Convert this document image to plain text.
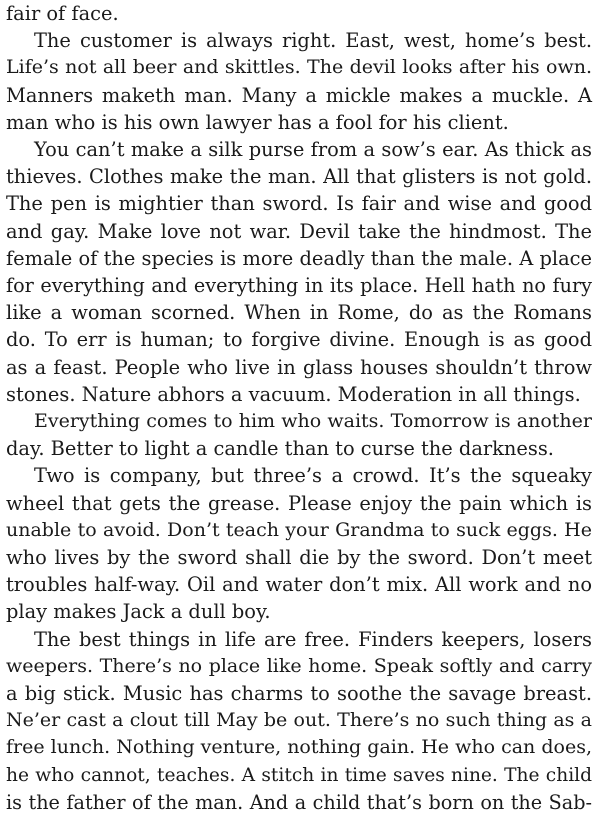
fair of face.

The customer is always right. East, west, home’s best.
Life’s not all beer and skittles. The devil looks after his own.
Manners maketh man. Many a mickle makes a muckle. A
man who is his own lawyer has a fool for his client.

You can’t make a silk purse from a sow’s ear. As thick as
thieves. Clothes make the man. All that glisters is not gold.
The pen is mightier than sword. Is fair and wise and good
and gay. Make love not war. Devil take the hindmost. The
female of the species is more deadly than the male. A place
for everything and everything in its place. Hell hath no fury
like a woman scorned. When in Rome, do as the Romans
do. To err is human; to forgive divine. Enough is as good
as a feast. People who live in glass houses shouldn’t throw
stones. Nature abhors a vacuum. Moderation in all things.

Everything comes to him who waits. Tomorrow is another
day. Better to light a candle than to curse the darkness.

Two is company, but three’s a crowd. It’s the squeaky
wheel that gets the grease. Please enjoy the pain which is
unable to avoid. Don’t teach your Grandma to suck eggs. He
who lives by the sword shall die by the sword. Don’t meet
troubles half-way. Oil and water don’t mix. All work and no
play makes Jack a dull boy.

The best things in life are free. Finders keepers, losers
weepers. There’s no place like home. Speak softly and carry
a big stick. Music has charms to soothe the savage breast.
Ne’er cast a clout till May be out. There’s no such thing as a
free lunch. Nothing venture, nothing gain. He who can does,
he who cannot, teaches. A stitch in time saves nine. The child
is the father of the man. And a child that’s born on the Sab-
